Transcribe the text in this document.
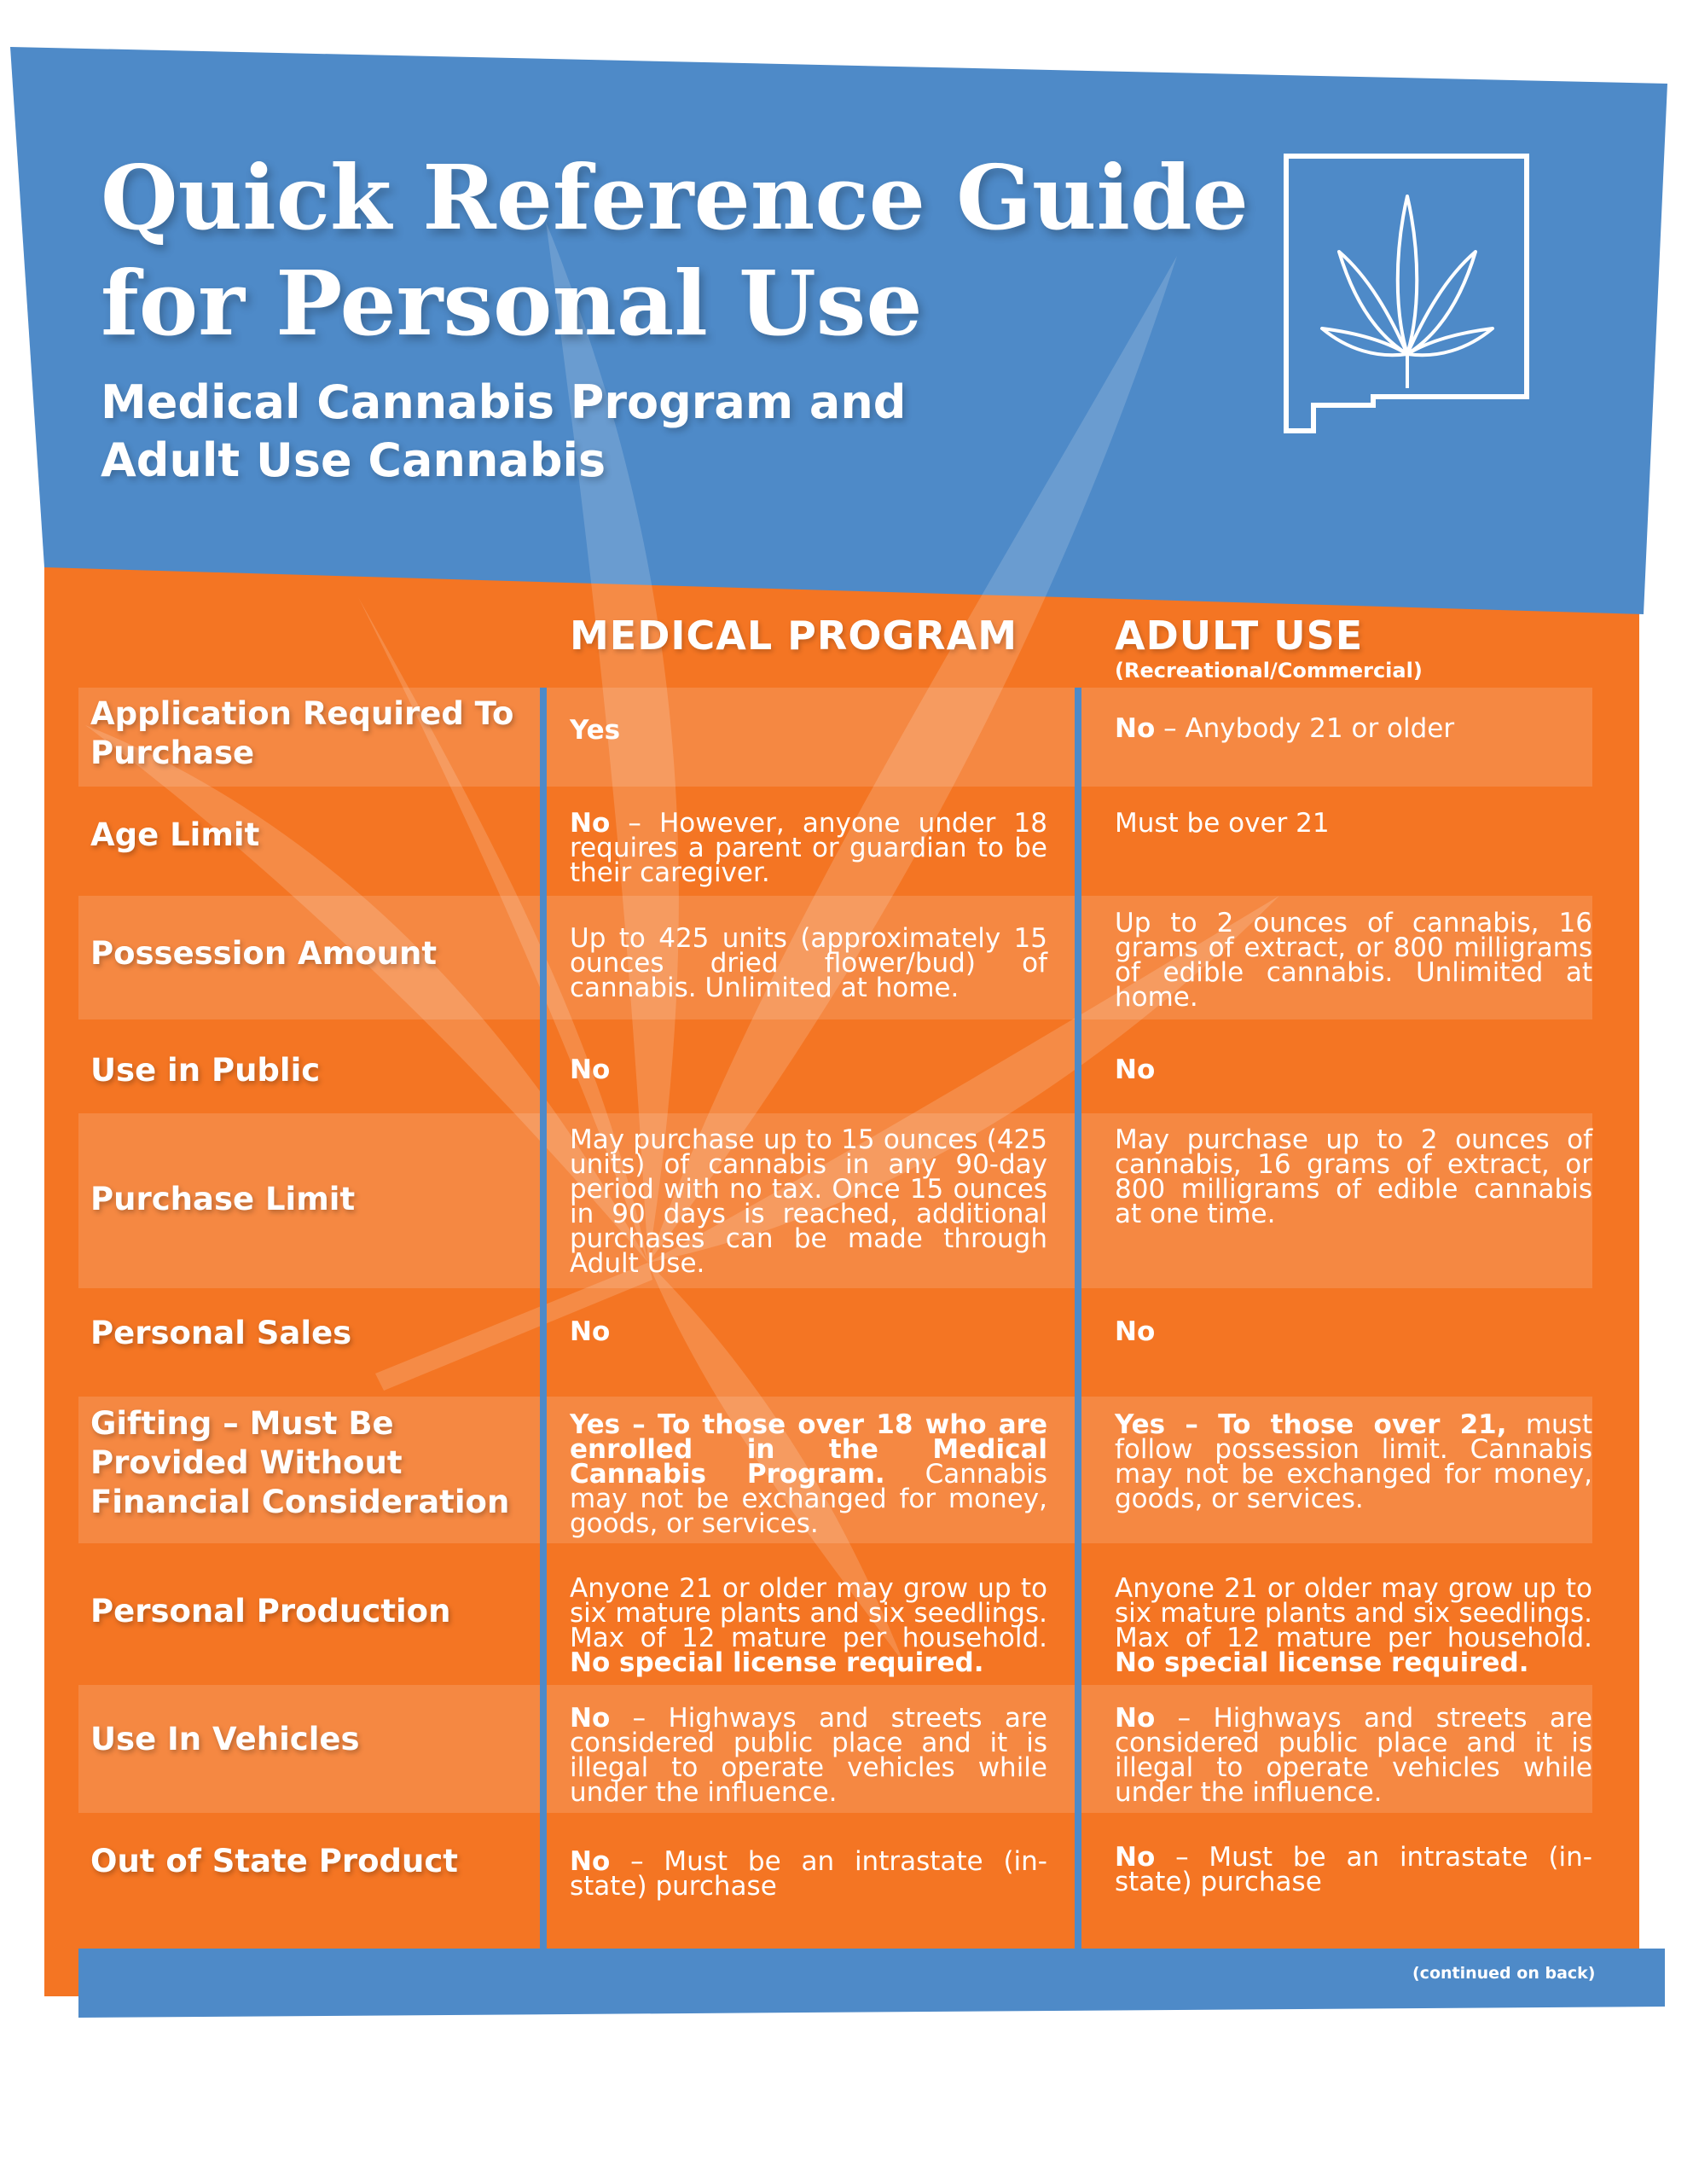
Quick Reference Guide
for Personal Use
Medical Cannabis Program and
Adult Use Cannabis
MEDICAL PROGRAM ADULT USE
(Recreational/Commercial)
Application Required To Purchase
Age Limit
Possession Amount
Use in Public
Purchase Limit
Personal Sales
Gifting – Must Be Provided Without Financial Consideration
Personal Production
Use In Vehicles
Out of State Product
Yes
No – However, anyone under 18 requires a parent or guardian to be their caregiver.
Up to 425 units (approximately 15 ounces dried flower/bud) of cannabis. Unlimited at home.
No
May purchase up to 15 ounces (425 units) of cannabis in any 90-day period with no tax. Once 15 ounces in 90 days is reached, additional purchases can be made through Adult Use.
No
Yes – To those over 18 who are enrolled in the Medical Cannabis Program. Cannabis may not be exchanged for money, goods, or services.
Anyone 21 or older may grow up to six mature plants and six seedlings. Max of 12 mature per household. No special license required.
No – Highways and streets are considered public place and it is illegal to operate vehicles while under the influence.
No – Must be an intrastate (in-state) purchase
No – Anybody 21 or older
Must be over 21
Up to 2 ounces of cannabis, 16 grams of extract, or 800 milligrams of edible cannabis. Unlimited at home.
No
May purchase up to 2 ounces of cannabis, 16 grams of extract, or 800 milligrams of edible cannabis at one time.
No
Yes – To those over 21, must follow possession limit. Cannabis may not be exchanged for money, goods, or services.
Anyone 21 or older may grow up to six mature plants and six seedlings. Max of 12 mature per household. No special license required.
No – Highways and streets are considered public place and it is illegal to operate vehicles while under the influence.
No – Must be an intrastate (in-state) purchase
(continued on back)
